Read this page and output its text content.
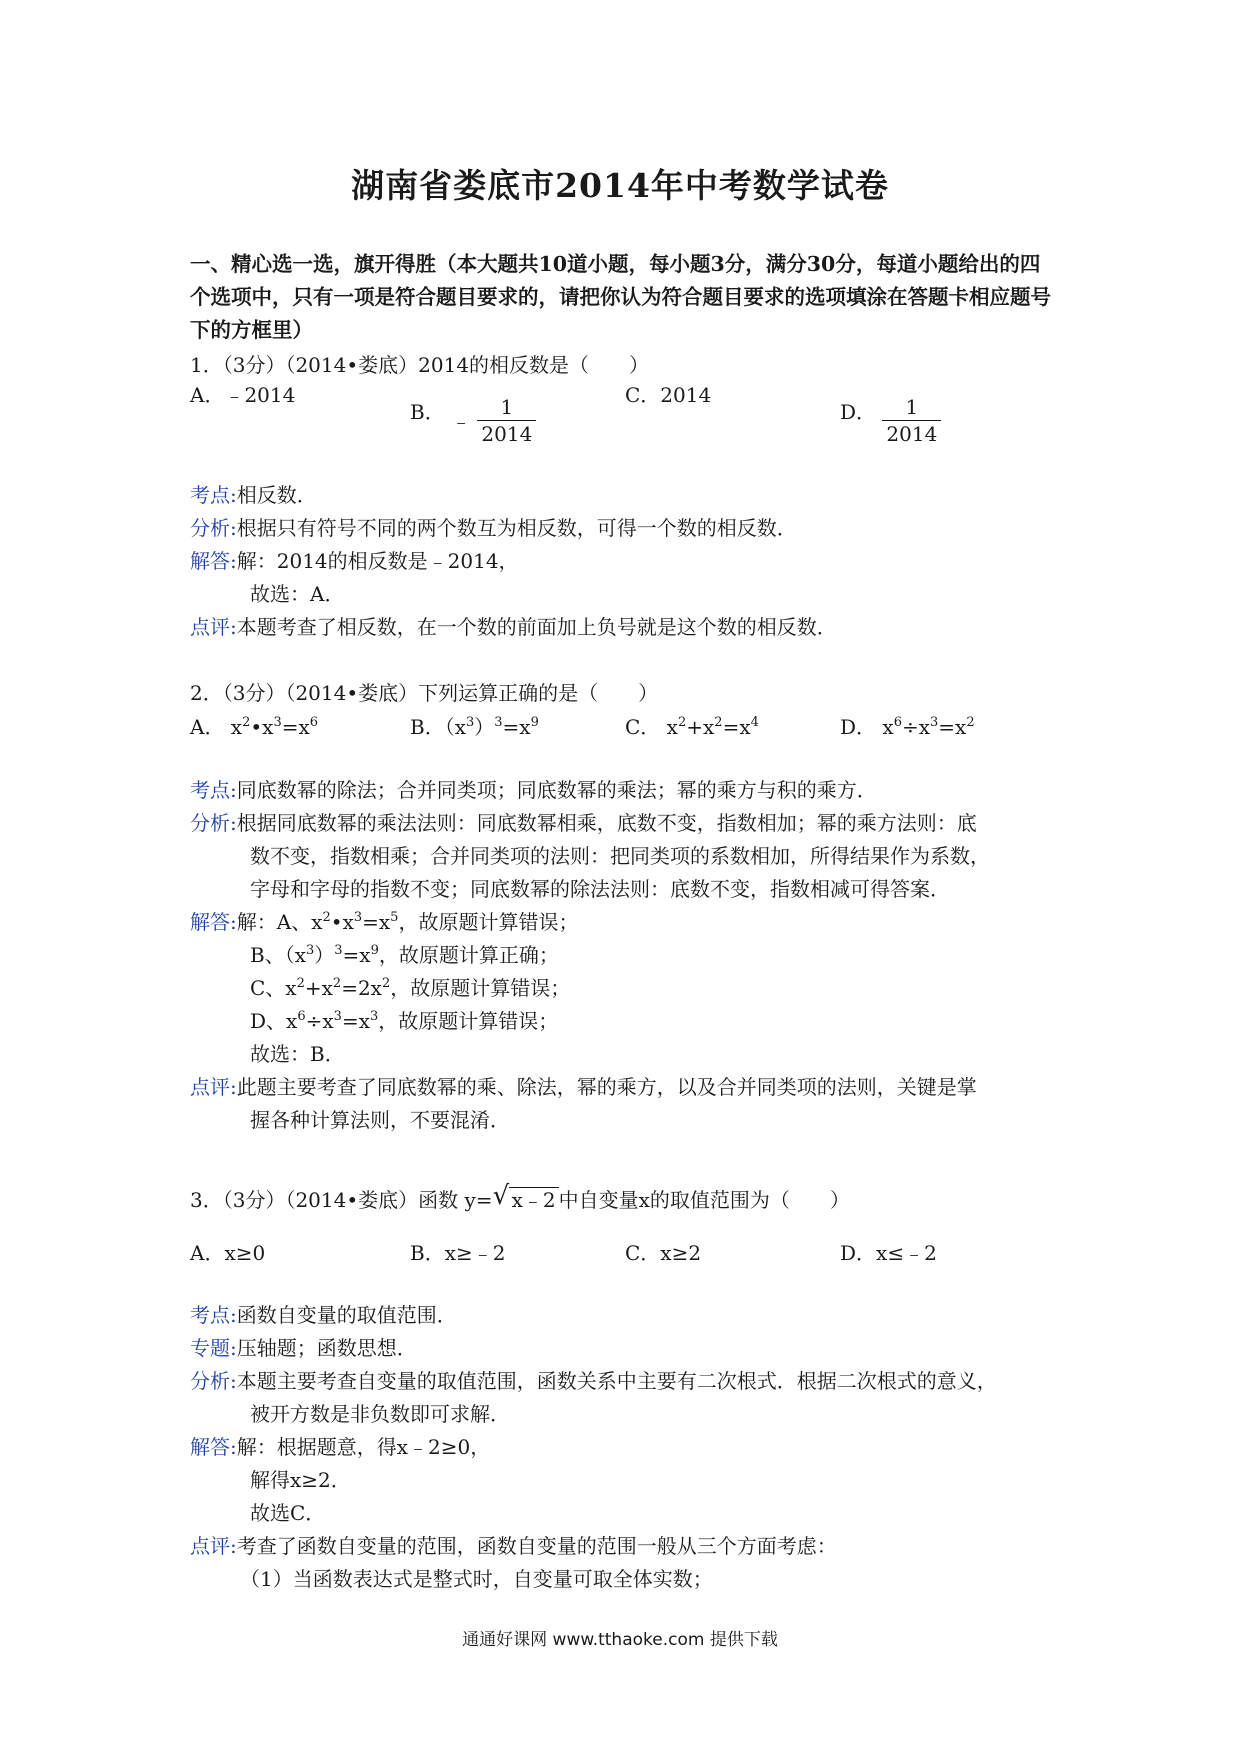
湖南省娄底市2014年中考数学试卷
一、精心选一选，旗开得胜（本大题共10道小题，每小题3分，满分30分，每道小题给出的四个选项中，只有一项是符合题目要求的，请把你认为符合题目要求的选项填涂在答题卡相应题号下的方框里）
1．（3分）（2014•娄底）2014的相反数是（　　）
A．﹣2014
B． ﹣ $\frac{1}{2014}$	C．2014
D． $\frac{1}{2014}$
考点:相反数．
分析:根据只有符号不同的两个数互为相反数，可得一个数的相反数．
解答:解：2014的相反数是﹣2014，
故选：A．
点评:本题考查了相反数，在一个数的前面加上负号就是这个数的相反数．
2．（3分）（2014•娄底）下列运算正确的是（　　）
A． $x^2•x^3=x^6$	B．$(x^3)^3=x^9$	C． $x^2+x^2=x^4$	D． $x^6\div x^3=x^2$
考点:同底数幂的除法；合并同类项；同底数幂的乘法；幂的乘方与积的乘方．
分析:根据同底数幂的乘法法则：同底数幂相乘，底数不变，指数相加；幂的乘方法则：底
数不变，指数相乘；合并同类项的法则：把同类项的系数相加，所得结果作为系数，
字母和字母的指数不变；同底数幂的除法法则：底数不变，指数相减可得答案．
解答:解：A、$x^2•x^3=x^5$，故原题计算错误；
B、$(x^3)^3=x^9$，故原题计算正确；
C、$x^2+x^2=2x^2$，故原题计算错误；
D、$x^6\div x^3=x^3$，故原题计算错误；
故选：B．
点评:此题主要考查了同底数幂的乘、除法，幂的乘方，以及合并同类项的法则，关键是掌
握各种计算法则，不要混淆．
3．（3分）（2014•娄底）函数 y= √ x﹣2 中自变量x的取值范围为（　　）
A．x≥0	B．x≥﹣2	C．x≥2	D．x≤﹣2
考点:函数自变量的取值范围．
专题:压轴题；函数思想．
分析:本题主要考查自变量的取值范围，函数关系中主要有二次根式．根据二次根式的意义，
被开方数是非负数即可求解．
解答:解：根据题意，得x﹣2≥0，
解得x≥2．
故选C．
点评:考查了函数自变量的范围，函数自变量的范围一般从三个方面考虑：
（1）当函数表达式是整式时，自变量可取全体实数；
通通好课网 www.tthaoke.com 提供下载
